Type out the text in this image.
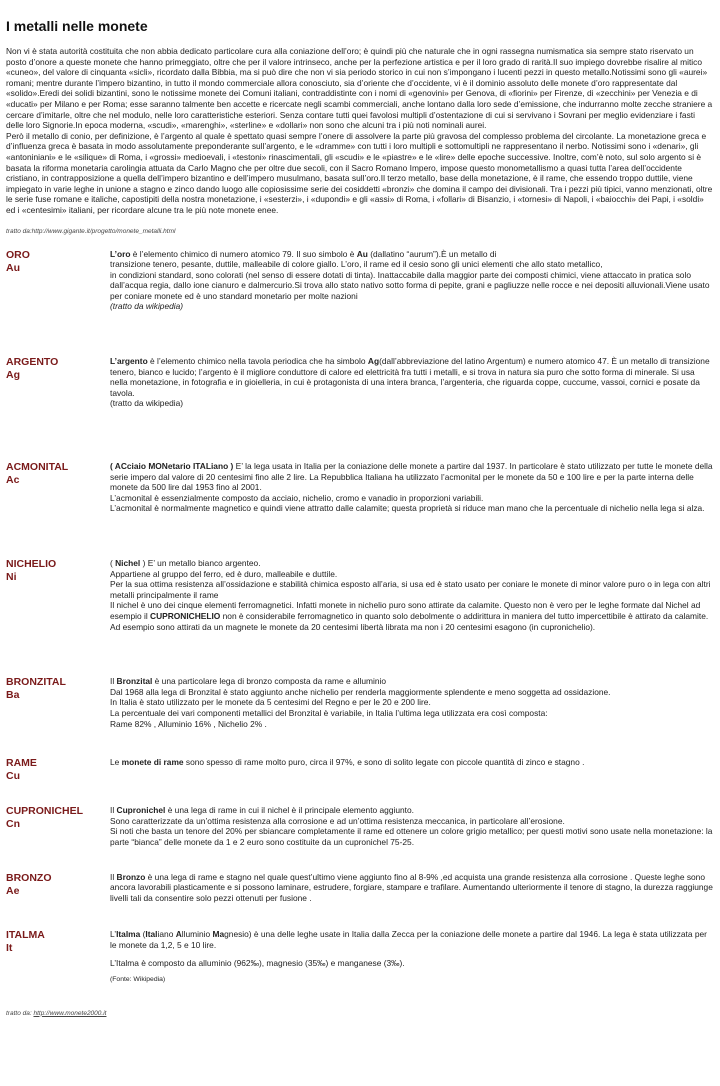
I metalli nelle monete

Non vi è stata autorità costituita che non abbia dedicato particolare cura alla coniazione dell’oro; è quindi più che naturale che in ogni rassegna numismatica sia sempre stato riservato un posto d’onore a queste monete che hanno primeggiato, oltre che per il valore intrinseco, anche per la perfezione artistica e per il loro grado di rarità.Il suo impiego dovrebbe risalire al mitico «cuneo», del valore di cinquanta «sicli», ricordato dalla Bibbia, ma si può dire che non vi sia periodo storico in cui non s’impongano i lucenti pezzi in questo metallo.Notissimi sono gli «aurei» romani; mentre durante l’impero bizantino, in tutto il mondo commerciale allora conosciuto, sia d’oriente che d’occidente, vi è il dominio assoluto delle monete d’oro rappresentate dal «solido».Eredi dei solidi bizantini, sono le notissime monete dei Comuni italiani, contraddistinte con i nomi di «genovini» per Genova, di «fiorini» per Firenze, di «zecchini» per Venezia e di «ducati» per Milano e per Roma; esse saranno talmente ben accette e ricercate negli scambi commerciali, anche lontano dalla loro sede d’emissione, che indurranno molte zecche straniere a cercare d’imitarle, oltre che nel modulo, nelle loro caratteristiche esteriori. Senza contare tutti quei favolosi multipli d’ostentazione di cui si servivano i Sovrani per meglio evidenziare i fasti delle loro Signorie.In epoca moderna, «scudi», «marenghi», «sterline» e «dollari» non sono che alcuni tra i più noti nominali aurei.

Però il metallo di conio, per definizione, è l’argento al quale è spettato quasi sempre l’onere di assolvere la parte più gravosa del complesso problema del circolante. La monetazione greca e d’influenza greca è basata in modo assolutamente preponderante sull’argento, e le «dramme» con tutti i loro multipli e sottomultipli ne rappresentano il nerbo. Notissimi sono i «denari», gli «antoniniani» e le «silique» di Roma, i «grossi» medioevali, i «testoni» rinascimentali, gli «scudi» e le «piastre» e le «lire» delle epoche successive. Inoltre, com’è noto, sul solo argento si è basata la riforma monetaria carolingia attuata da Carlo Magno che per oltre due secoli, con il Sacro Romano Impero, impose questo monometallismo a quasi tutta l’area dell’occidente cristiano, in contrapposizione a quella dell’impero bizantino e dell’impero musulmano, basata sull’oro.Il terzo metallo, base della monetazione, è il rame, che essendo troppo duttile, viene impiegato in varie leghe in unione a stagno e zinco dando luogo alle copiosissime serie dei cosiddetti «bronzi» che domina il campo dei divisionali. Tra i pezzi più tipici, vanno menzionati, oltre le serie fuse romane e italiche, capostipiti della nostra monetazione, i «sesterzi», i «dupondi» e gli «assi» di Roma, i «follari» di Bisanzio, i «tornesi» di Napoli, i «baiocchi» dei Papi, i «soldi» ed i «centesimi» italiani, per ricordare alcune tra le più note monete enee.

tratto da:http://www.gigante.it/progetto/monete_metalli.html
ORO
Au

L’oro è l’elemento chimico di numero atomico 79. Il suo simbolo è Au (dallatino “aurum”).È un metallo di

transizione tenero, pesante, duttile, malleabile di colore giallo. L’oro, il rame ed il cesio sono gli unici elementi che allo stato metallico,

in condizioni standard, sono colorati (nel senso di essere dotati di tinta). Inattaccabile dalla maggior parte dei composti chimici, viene attaccato in pratica solo dall’acqua regia, dallo ione cianuro e dalmercurio.Si trova allo stato nativo sotto forma di pepite, grani e pagliuzze nelle rocce e nei depositi alluvionali.Viene usato per coniare monete ed è uno standard monetario per molte nazioni

(tratto da wikipedia)

ARGENTO
Ag

L’argento è l’elemento chimico nella tavola periodica che ha simbolo Ag(dall’abbreviazione del latino Argentum) e numero atomico 47. È un metallo di transizione tenero, bianco e lucido; l’argento è il migliore conduttore di calore ed elettricità fra tutti i metalli, e si trova in natura sia puro che sotto forma di minerale. Si usa nella monetazione, in fotografia e in gioielleria, in cui è protagonista di una intera branca, l’argenteria, che riguarda coppe, cuccume, vassoi, cornici e posate da tavola.

(tratto da wikipedia)

ACMONITAL
Ac

( ACciaio MONetario ITALiano ) E’ la lega usata in Italia per la coniazione delle monete a partire dal 1937. In particolare è stato utilizzato per tutte le monete della serie impero dal valore di 20 centesimi fino alle 2 lire. La Repubblica Italiana ha utilizzato l’acmonital per le monete da 50 e 100 lire e per la parte interna delle monete da 500 lire dal 1953 fino al 2001.

L’acmonital è essenzialmente composto da acciaio, nichelio, cromo e vanadio in proporzioni variabili.

L’acmonital è normalmente magnetico e quindi viene attratto dalle calamite; questa proprietà si riduce man mano che la percentuale di nichelio nella lega si alza.

NICHELIO
Ni

( Nichel ) E’ un metallo bianco argenteo.

Appartiene al gruppo del ferro, ed è duro, malleabile e duttile.

Per la sua ottima resistenza all’ossidazione e stabilità chimica esposto all’aria, si usa ed è stato usato per coniare le monete di minor valore puro o in lega con altri metalli principalmente il rame

Il nichel è uno dei cinque elementi ferromagnetici. Infatti monete in nichelio puro sono attirate da calamite. Questo non è vero per le leghe formate dal Nichel ad esempio il CUPRONICHELIO non è considerabile ferromagnetico in quanto solo debolmente o addirittura in maniera del tutto impercettibile è attirato da calamite.

Ad esempio sono attirati da un magnete le monete da 20 centesimi libertà librata ma non i 20 centesimi esagono (in cupronichelio).

BRONZITAL
Ba

Il Bronzital è una particolare lega di bronzo composta da rame e alluminio

Dal 1968 alla lega di Bronzital è stato aggiunto anche nichelio per renderla maggiormente splendente e meno soggetta ad ossidazione.

In Italia è stato utilizzato per le monete da 5 centesimi del Regno e per le 20 e 200 lire.

La percentuale dei vari componenti metallici del Bronzital è variabile, in Italia l’ultima lega utilizzata era così composta:

Rame 82% , Alluminio 16% , Nichelio 2% .

RAME
Cu

Le monete di rame sono spesso di rame molto puro, circa il 97%, e sono di solito legate con piccole quantità di zinco e stagno .

CUPRONICHEL
Cn

Il Cupronichel è una lega di rame in cui il nichel è il principale elemento aggiunto.

Sono caratterizzate da un’ottima resistenza alla corrosione e ad un’ottima resistenza meccanica, in particolare all’erosione.

Si noti che basta un tenore del 20% per sbiancare completamente il rame ed ottenere un colore grigio metallico; per questi motivi sono usate nella monetazione: la parte “bianca” delle monete da 1 e 2 euro sono costituite da un cupronichel 75-25.

BRONZO
Ae

Il Bronzo è una lega di rame e stagno nel quale quest’ultimo viene aggiunto fino al 8-9% ,ed acquista una grande resistenza alla corrosione . Queste leghe sono ancora lavorabili plasticamente e si possono laminare, estrudere, forgiare, stampare e trafilare. Aumentando ulteriormente il tenore di stagno, la durezza raggiunge livelli tali da consentire solo pezzi ottenuti per fusione .

ITALMA
It

L’Italma (Italiano Alluminio Magnesio) è una delle leghe usate in Italia dalla Zecca per la coniazione delle monete a partire dal 1946. La lega è stata utilizzata per le monete da 1,2, 5 e 10 lire.

L’Italma è composto da alluminio (962‰), magnesio (35‰) e manganese (3‰).

(Fonte: Wikipedia)

tratto da: http://www.monete2000.it
